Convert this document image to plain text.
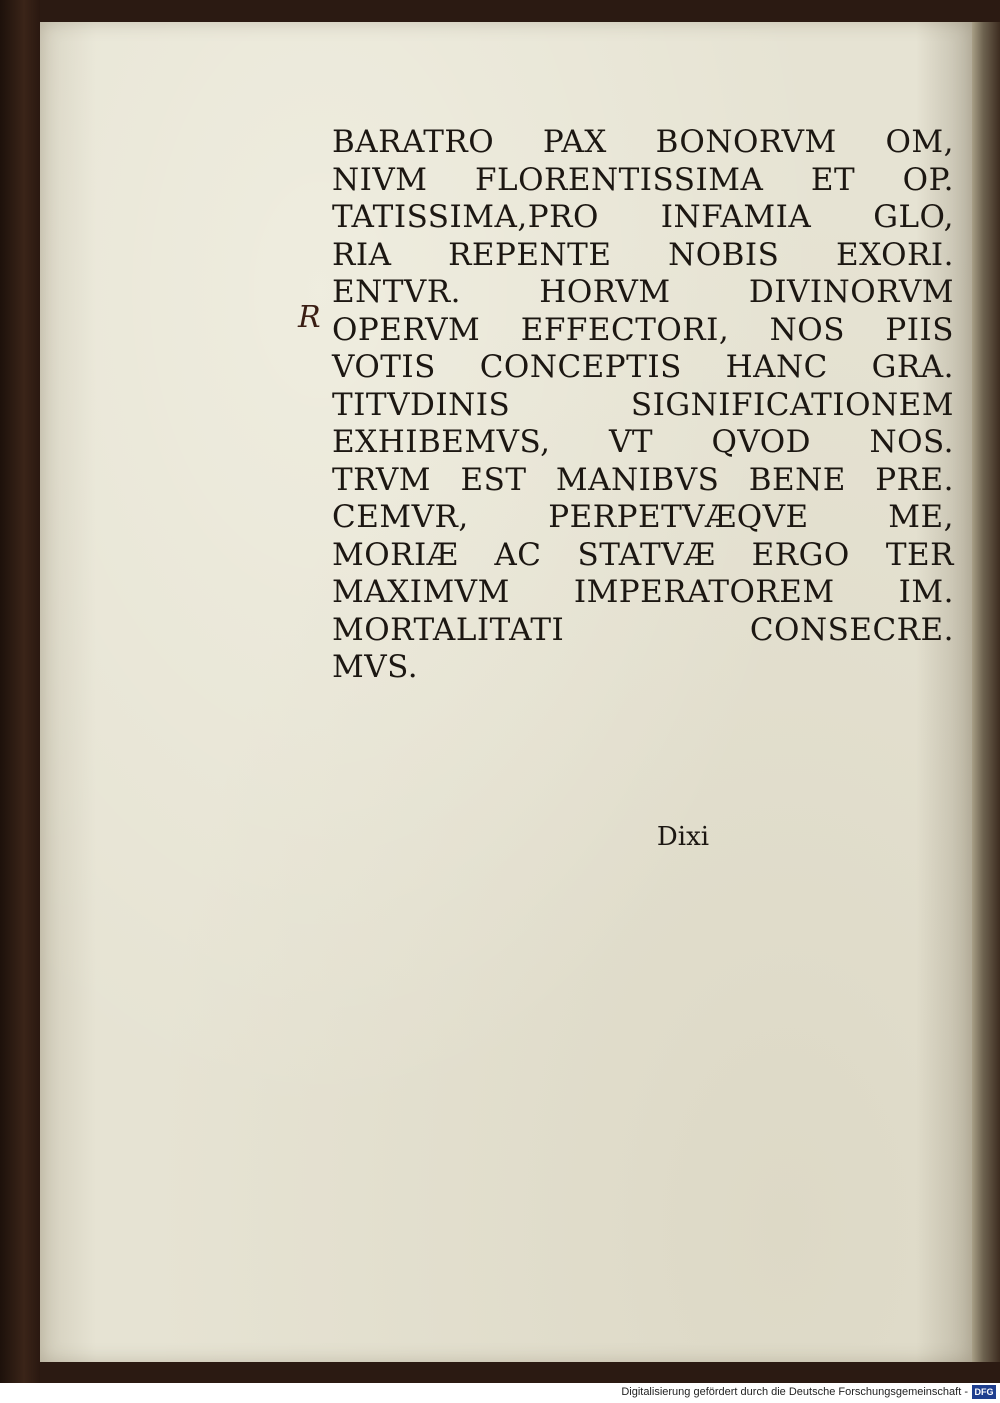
R
BARATRO PAX BONORVM OM,
NIVM FLORENTISSIMA ET OP.
TATISSIMA,PRO INFAMIA GLO,
RIA REPENTE NOBIS EXORI.
ENTVR. HORVM DIVINORVM
OPERVM EFFECTORI, NOS PIIS
VOTIS CONCEPTIS HANC GRA.
TITVDINIS SIGNIFICATIONEM
EXHIBEMVS, VT QVOD NOS.
TRVM EST MANIBVS BENE PRE.
CEMVR, PERPETVÆQVE ME,
MORIÆ AC STATVÆ ERGO TER
MAXIMVM IMPERATOREM IM.
MORTALITATI CONSECRE.
MVS.
Dixi
Digitalisierung gefördert durch die Deutsche Forschungsgemeinschaft - DFG
